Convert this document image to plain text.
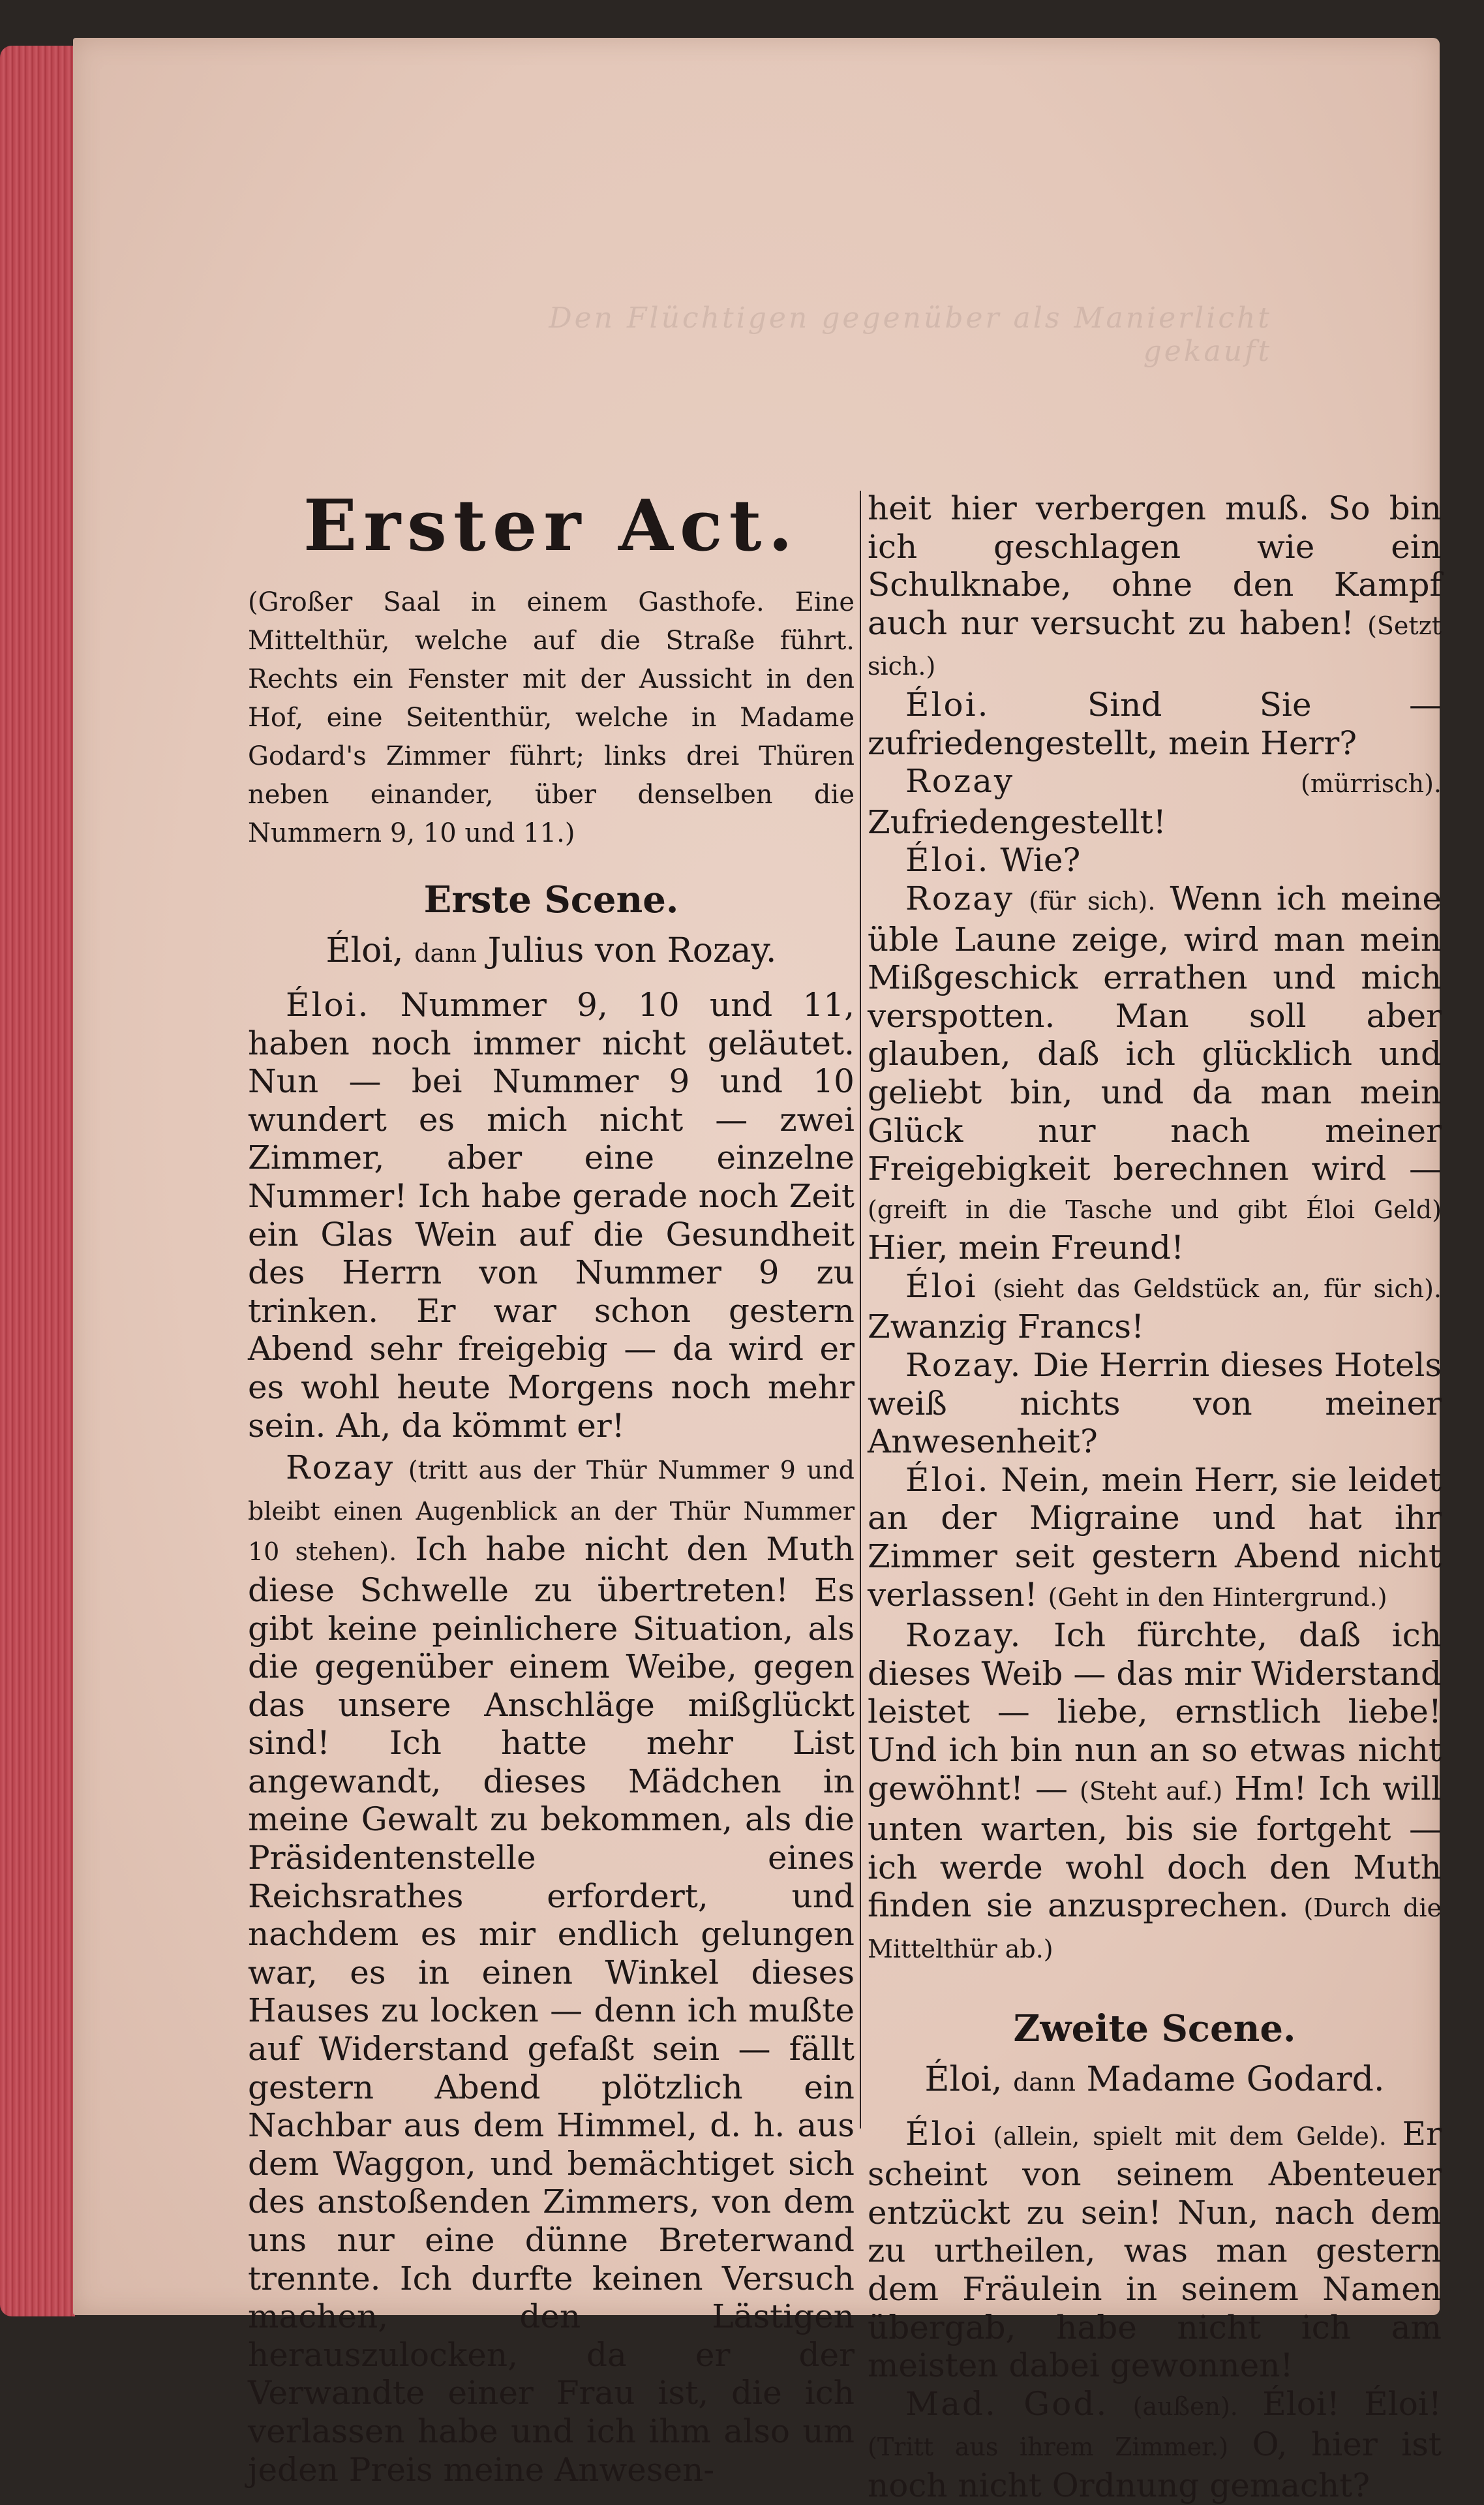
Den Flüchtigen gegenüber als Manierlicht gekauft
Erster Act.

(Großer Saal in einem Gasthofe. Eine Mittelthür, welche auf die Straße führt. Rechts ein Fenster mit der Aussicht in den Hof, eine Seitenthür, welche in Madame Godard's Zimmer führt; links drei Thüren neben einander, über denselben die Nummern 9, 10 und 11.)

Erste Scene.
Éloi, dann Julius von Rozay.

Éloi. Nummer 9, 10 und 11, haben noch immer nicht geläutet. Nun — bei Nummer 9 und 10 wundert es mich nicht — zwei Zimmer, aber eine einzelne Nummer! Ich habe gerade noch Zeit ein Glas Wein auf die Gesundheit des Herrn von Nummer 9 zu trinken. Er war schon gestern Abend sehr freigebig — da wird er es wohl heute Morgens noch mehr sein. Ah, da kömmt er!

Rozay (tritt aus der Thür Nummer 9 und bleibt einen Augenblick an der Thür Nummer 10 stehen). Ich habe nicht den Muth diese Schwelle zu übertreten! Es gibt keine peinlichere Situation, als die gegenüber einem Weibe, gegen das unsere Anschläge mißglückt sind! Ich hatte mehr List angewandt, dieses Mädchen in meine Gewalt zu bekommen, als die Präsidentenstelle eines Reichsrathes erfordert, und nachdem es mir endlich gelungen war, es in einen Winkel dieses Hauses zu locken — denn ich mußte auf Widerstand gefaßt sein — fällt gestern Abend plötzlich ein Nachbar aus dem Himmel, d. h. aus dem Waggon, und bemächtiget sich des anstoßenden Zimmers, von dem uns nur eine dünne Breterwand trennte. Ich durfte keinen Versuch machen, den Lästigen herauszulocken, da er der Verwandte einer Frau ist, die ich verlassen habe und ich ihm also um jeden Preis meine Anwesen-

heit hier verbergen muß. So bin ich geschlagen wie ein Schulknabe, ohne den Kampf auch nur versucht zu haben! (Setzt sich.)

Éloi.	Sind Sie — zufriedengestellt, mein Herr?

Rozay	(mürrisch). Zufriedengestellt!

Éloi. Wie?

Rozay (für sich). Wenn ich meine üble Laune zeige, wird man mein Mißgeschick errathen und mich verspotten. Man soll aber glauben, daß ich glücklich und geliebt bin, und da man mein Glück nur nach meiner Freigebigkeit berechnen wird — (greift in die Tasche und gibt Éloi Geld) Hier, mein Freund!

Éloi (sieht das Geldstück an, für sich). Zwanzig Francs!

Rozay. Die Herrin dieses Hotels weiß nichts von meiner Anwesenheit?

Éloi. Nein, mein Herr, sie leidet an der Migraine und hat ihr Zimmer seit gestern Abend nicht verlassen! (Geht in den Hintergrund.)

Rozay. Ich fürchte, daß ich dieses Weib — das mir Widerstand leistet — liebe, ernstlich liebe! Und ich bin nun an so etwas nicht gewöhnt! — (Steht auf.) Hm! Ich will unten warten, bis sie fortgeht — ich werde wohl doch den Muth finden sie anzusprechen. (Durch die Mittelthür ab.)

Zweite Scene.
Éloi, dann Madame Godard.

Éloi (allein, spielt mit dem Gelde). Er scheint von seinem Abenteuer entzückt zu sein! Nun, nach dem zu urtheilen, was man gestern dem Fräulein in seinem Namen übergab, habe nicht ich am meisten dabei gewonnen!

Mad. God. (außen). Éloi! Éloi! (Tritt aus ihrem Zimmer.) O, hier ist noch nicht Ordnung gemacht?
